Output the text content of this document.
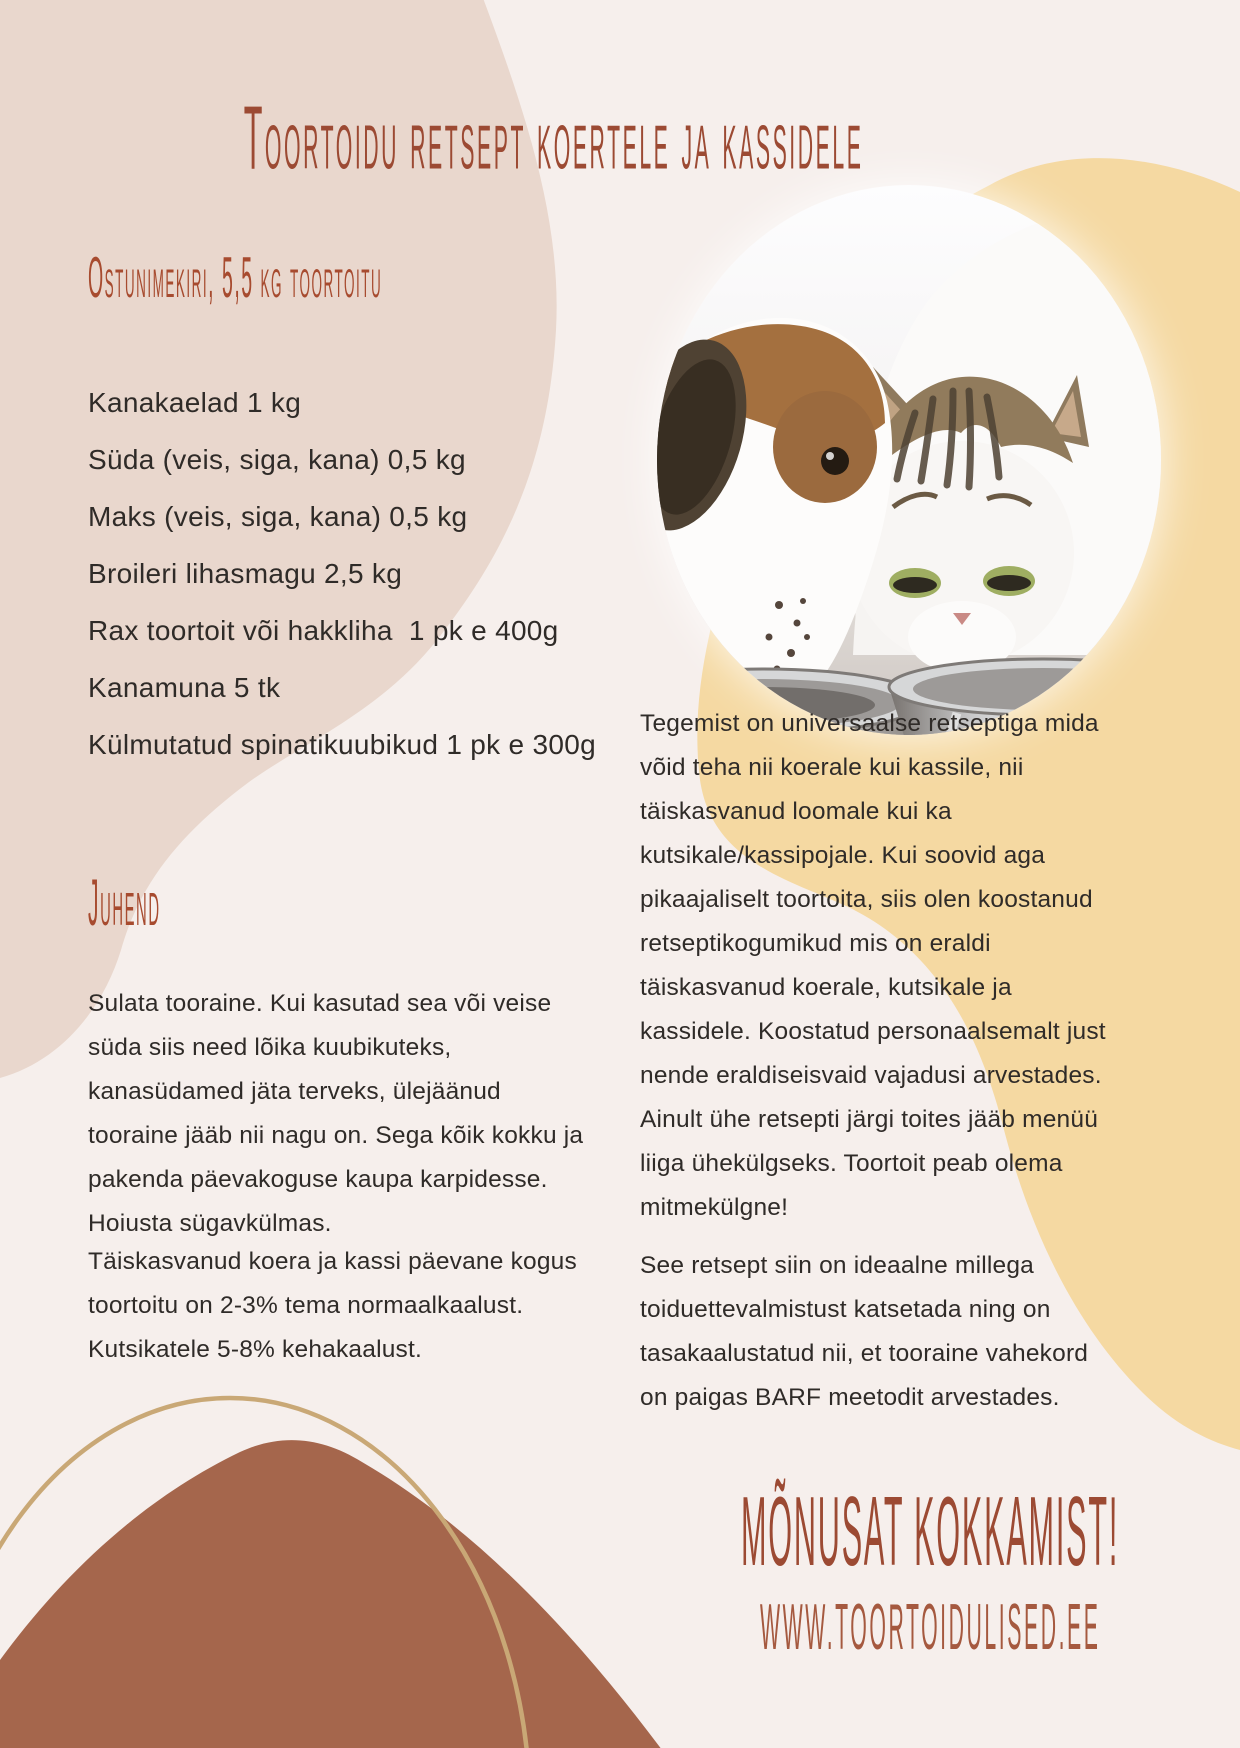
Toortoidu retsept koertele ja kassidele
Ostunimekiri, 5,5 kg toortoitu
Kanakaelad 1 kg
Süda (veis, siga, kana) 0,5 kg
Maks (veis, siga, kana) 0,5 kg
Broileri lihasmagu 2,5 kg
Rax toortoit või hakkliha  1 pk e 400g
Kanamuna 5 tk
Külmutatud spinatikuubikud 1 pk e 300g
Juhend
Sulata tooraine. Kui kasutad sea või veise süda siis need lõika kuubikuteks, kanasüdamed jäta terveks, ülejäänud tooraine jääb nii nagu on. Sega kõik kokku ja pakenda päevakoguse kaupa karpidesse. Hoiusta sügavkülmas.
Täiskasvanud koera ja kassi päevane kogus toortoitu on 2-3% tema normaalkaalust. Kutsikatele 5-8% kehakaalust.
Tegemist on universaalse retseptiga mida võid teha nii koerale kui kassile, nii täiskasvanud loomale kui ka kutsikale/kassipojale. Kui soovid aga pikaajaliselt toortoita, siis olen koostanud retseptikogumikud mis on eraldi täiskasvanud koerale, kutsikale ja kassidele. Koostatud personaalsemalt just nende eraldiseisvaid vajadusi arvestades. Ainult ühe retsepti järgi toites jääb menüü liiga ühekülgseks. Toortoit peab olema mitmekülgne!
See retsept siin on ideaalne millega toiduettevalmistust katsetada ning on tasakaalustatud nii, et tooraine vahekord on paigas BARF meetodit arvestades.
MÕNUSAT KOKKAMIST!
WWW.TOORTOIDULISED.EE
